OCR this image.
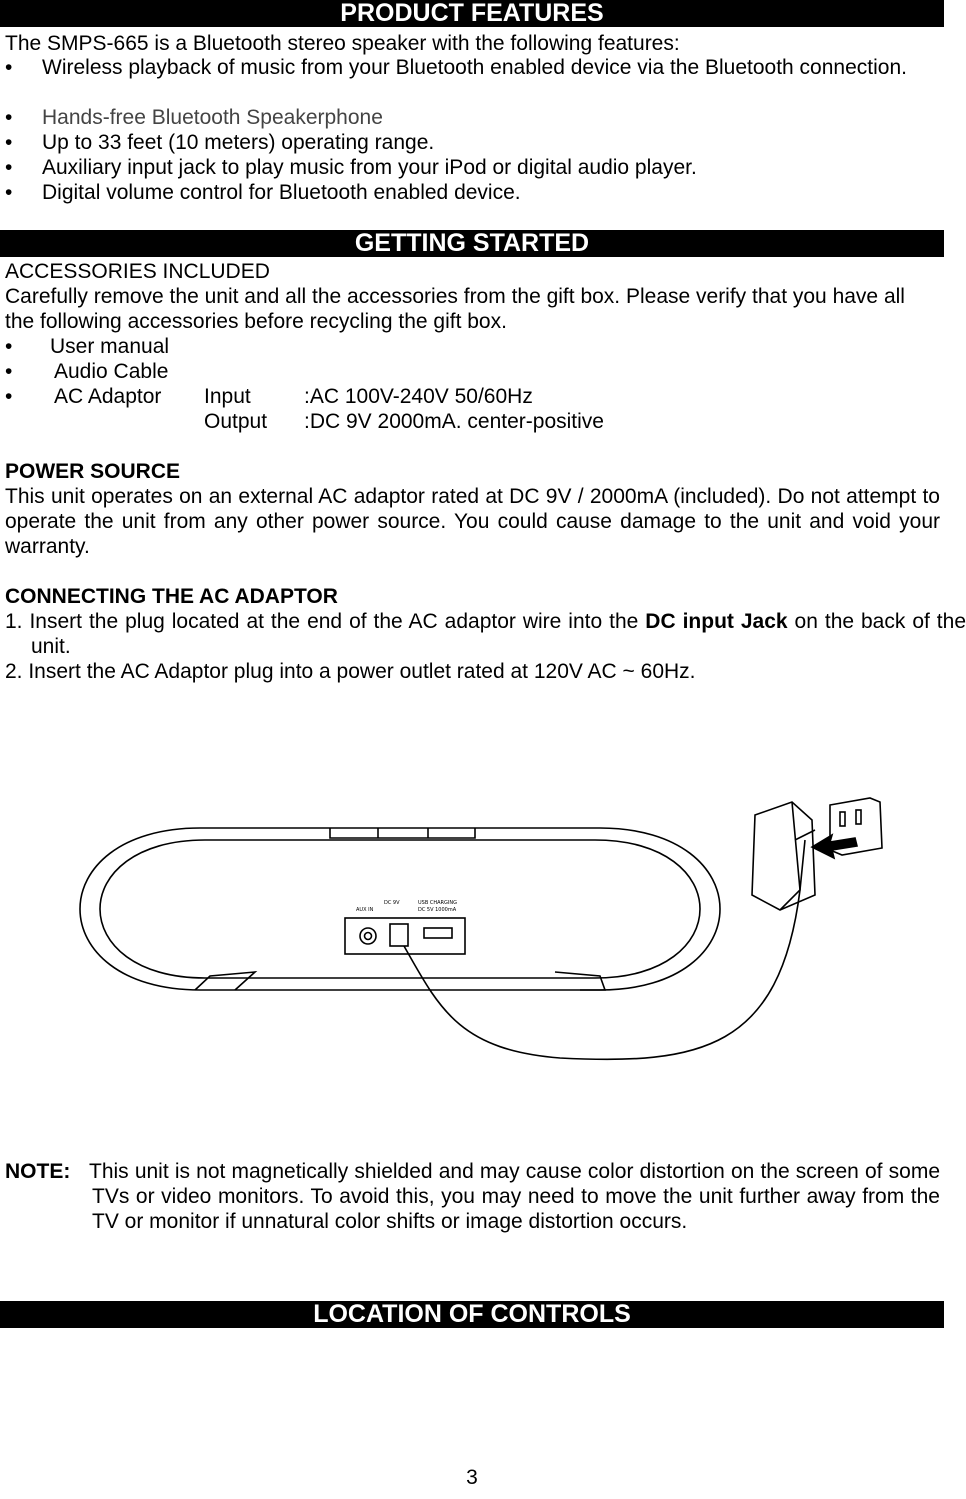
PRODUCT FEATURES
The SMPS-665 is a Bluetooth stereo speaker with the following features:
• Wireless playback of music from your Bluetooth enabled device via the Bluetooth connection.
• Hands-free Bluetooth Speakerphone
• Up to 33 feet (10 meters) operating range.
• Auxiliary input jack to play music from your iPod or digital audio player.
• Digital volume control for Bluetooth enabled device.
GETTING STARTED
ACCESSORIES INCLUDED
Carefully remove the unit and all the accessories from the gift box. Please verify that you have all the following accessories before recycling the gift box.
• User manual
• Audio Cable
• AC Adaptor Input	:AC 100V-240V 50/60Hz
Output :DC 9V 2000mA. center-positive
POWER SOURCE
This unit operates on an external AC adaptor rated at DC 9V / 2000mA (included). Do not attempt to operate the unit from any other power source. You could cause damage to the unit and void your warranty.
CONNECTING THE AC ADAPTOR
1. Insert the plug located at the end of the AC adaptor wire into the DC input Jack on the back of the unit.
2. Insert the AC Adaptor plug into a power outlet rated at 120V AC ~ 60Hz.
AUX IN
DC 9V	USB CHARGING
DC 5V 1000mA
NOTE: This unit is not magnetically shielded and may cause color distortion on the screen of some TVs or video monitors. To avoid this, you may need to move the unit further away from the TV or monitor if unnatural color shifts or image distortion occurs.
LOCATION OF CONTROLS
3
